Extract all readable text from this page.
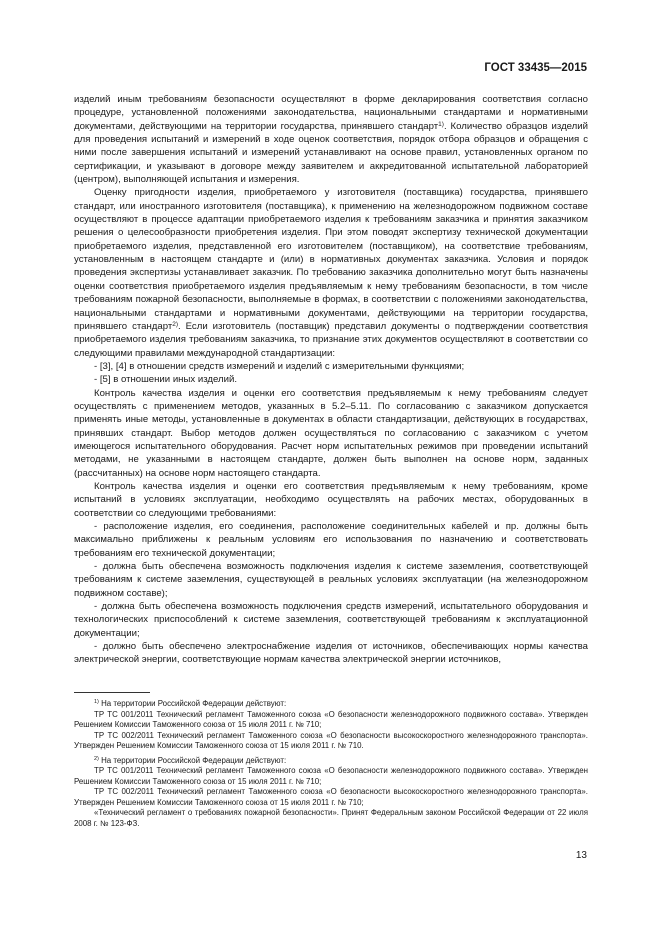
ГОСТ 33435—2015

изделий иным требованиям безопасности осуществляют в форме декларирования соответствия согласно процедуре, установленной положениями законодательства, национальными стандартами и нормативными документами, действующими на территории государства, принявшего стандарт$^{1)}$. Количество образцов изделий для проведения испытаний и измерений в ходе оценок соответствия, порядок отбора образцов и обращения с ними после завершения испытаний и измерений устанавливают на основе правил, установленных органом по сертификации, и указывают в договоре между заявителем и аккредитованной испытательной лабораторией (центром), выполняющей испытания и измерения.

Оценку пригодности изделия, приобретаемого у изготовителя (поставщика) государства, принявшего стандарт, или иностранного изготовителя (поставщика), к применению на железнодорожном подвижном составе осуществляют в процессе адаптации приобретаемого изделия к требованиям заказчика и принятия заказчиком решения о целесообразности приобретения изделия. При этом поводят экспертизу технической документации приобретаемого изделия, представленной его изготовителем (поставщиком), на соответствие требованиям, установленным в настоящем стандарте и (или) в нормативных документах заказчика. Условия и порядок проведения экспертизы устанавливает заказчик. По требованию заказчика дополнительно могут быть назначены оценки соответствия приобретаемого изделия предъявляемым к нему требованиям безопасности, в том числе требованиям пожарной безопасности, выполняемые в формах, в соответствии с положениями законодательства, национальными стандартами и нормативными документами, действующими на территории государства, принявшего стандарт$^{2)}$. Если изготовитель (поставщик) представил документы о подтверждении соответствия приобретаемого изделия требованиям заказчика, то признание этих документов осуществляют в соответствии со следующими правилами международной стандартизации:

- [3], [4] в отношении средств измерений и изделий с измерительными функциями;

- [5] в отношении иных изделий.

Контроль качества изделия и оценки его соответствия предъявляемым к нему требованиям следует осуществлять с применением методов, указанных в 5.2–5.11. По согласованию с заказчиком допускается применять иные методы, установленные в документах в области стандартизации, действующих в государствах, принявших стандарт. Выбор методов должен осуществляться по согласованию с заказчиком с учетом имеющегося испытательного оборудования. Расчет норм испытательных режимов при проведении испытаний методами, не указанными в настоящем стандарте, должен быть выполнен на основе норм, заданных (рассчитанных) на основе норм настоящего стандарта.

Контроль качества изделия и оценки его соответствия предъявляемым к нему требованиям, кроме испытаний в условиях эксплуатации, необходимо осуществлять на рабочих местах, оборудованных в соответствии со следующими требованиями:

- расположение изделия, его соединения, расположение соединительных кабелей и пр. должны быть максимально приближены к реальным условиям его использования по назначению и соответствовать требованиям его технической документации;

- должна быть обеспечена возможность подключения изделия к системе заземления, соответствующей требованиям к системе заземления, существующей в реальных условиях эксплуатации (на железнодорожном подвижном составе);

- должна быть обеспечена возможность подключения средств измерений, испытательного оборудования и технологических приспособлений к системе заземления, соответствующей требованиям к эксплуатационной документации;

- должно быть обеспечено электроснабжение изделия от источников, обеспечивающих нормы качества электрической энергии, соответствующие нормам качества электрической энергии источников,

$^{1)}$ На территории Российской Федерации действуют:

ТР ТС 001/2011 Технический регламент Таможенного союза «О безопасности железнодорожного подвижного состава». Утвержден Решением Комиссии Таможенного союза от 15 июля 2011 г. № 710;

ТР ТС 002/2011 Технический регламент Таможенного союза «О безопасности высокоскоростного железнодорожного транспорта». Утвержден Решением Комиссии Таможенного союза от 15 июля 2011 г. № 710.

$^{2)}$ На территории Российской Федерации действуют:

ТР ТС 001/2011 Технический регламент Таможенного союза «О безопасности железнодорожного подвижного состава». Утвержден Решением Комиссии Таможенного союза от 15 июля 2011 г. № 710;

ТР ТС 002/2011 Технический регламент Таможенного союза «О безопасности высокоскоростного железнодорожного транспорта». Утвержден Решением Комиссии Таможенного союза от 15 июля 2011 г. № 710;

«Технический регламент о требованиях пожарной безопасности». Принят Федеральным законом Российской Федерации от 22 июля 2008 г. № 123-ФЗ.

13
